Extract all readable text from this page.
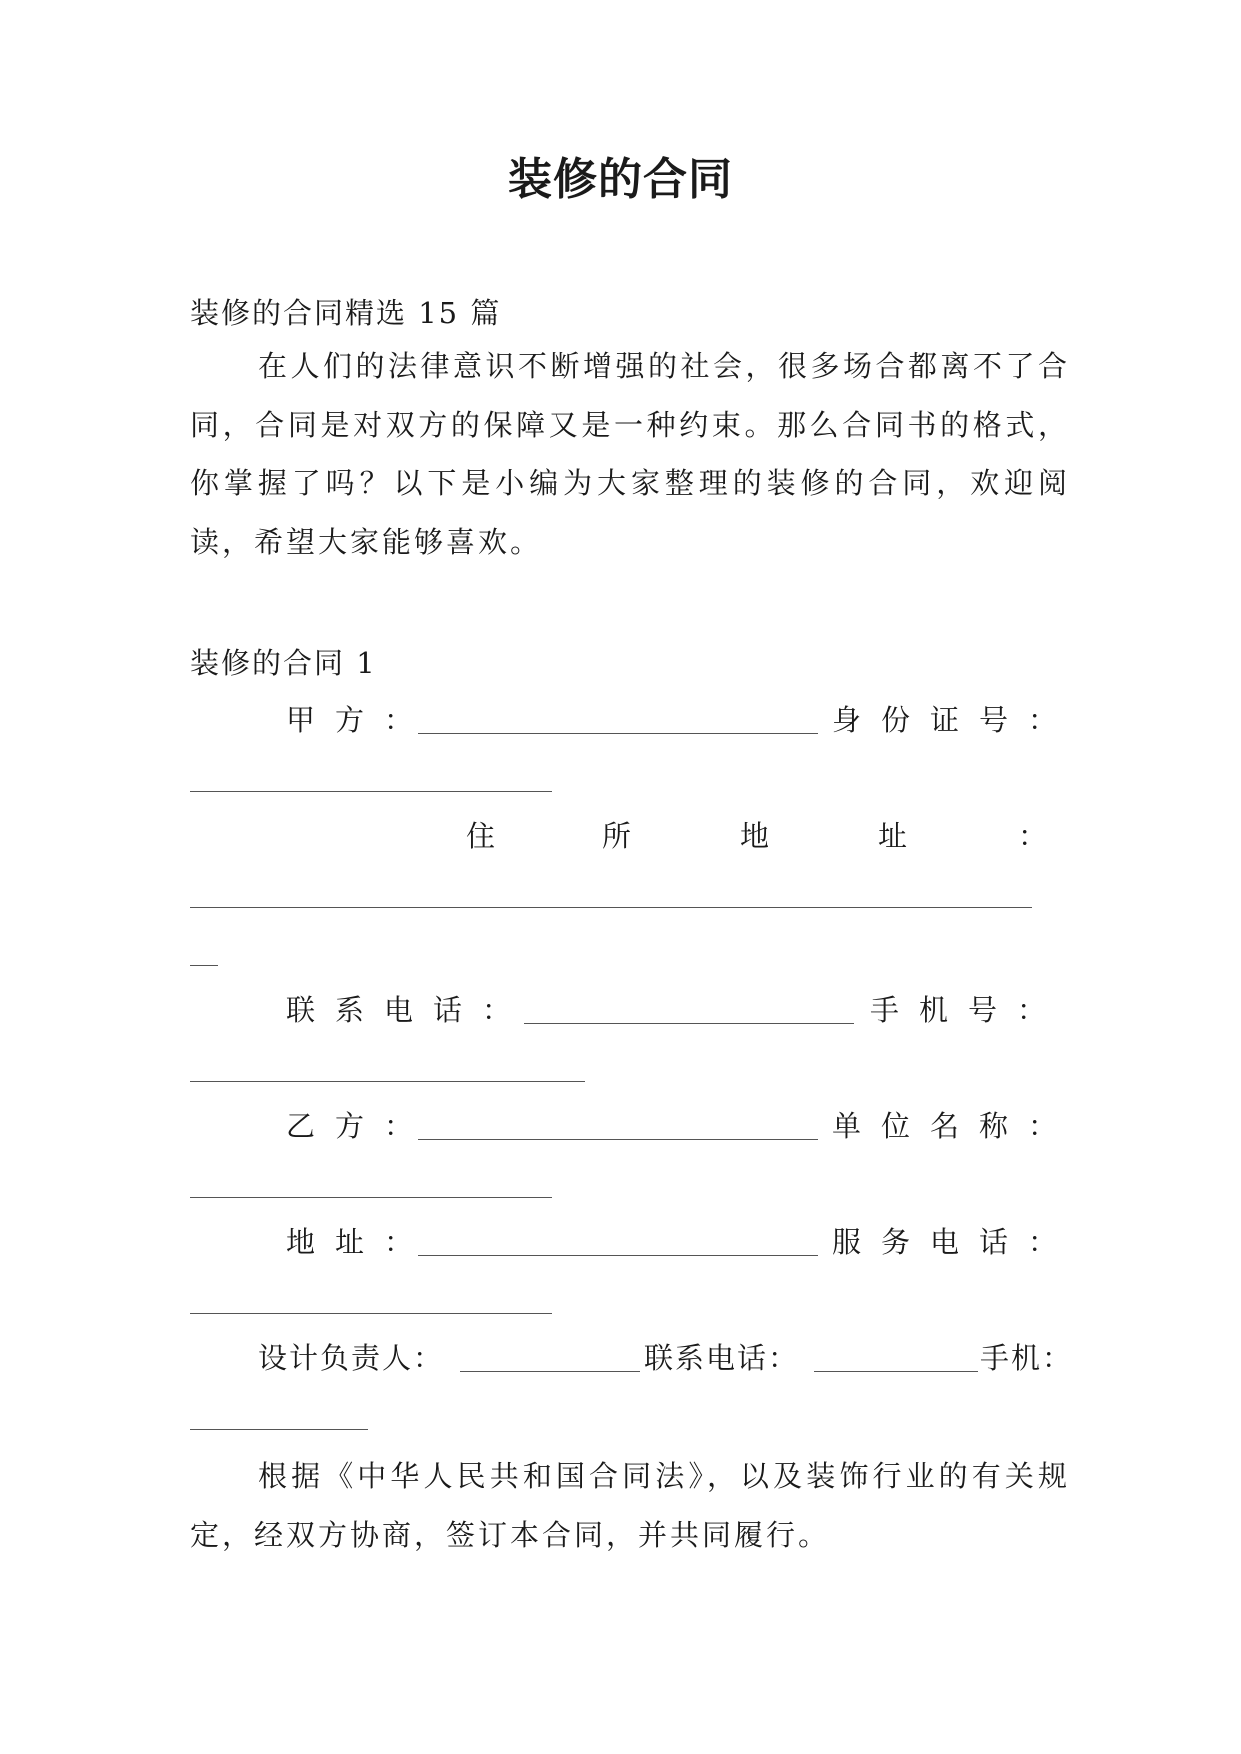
装修的合同
装修的合同精选 15 篇

在人们的法律意识不断增强的社会，很多场合都离不了合同，合同是对双方的保障又是一种约束。那么合同书的格式，你掌握了吗？以下是小编为大家整理的装修的合同，欢迎阅读，希望大家能够喜欢。

装修的合同 1
甲方：	身份证号：
住	所	地	址	：
联系电话：	手机号：
乙方：	单位名称：
地址：	服务电话：
设计负责人：	联系电话：	手机：

根据《中华人民共和国合同法》，以及装饰行业的有关规定，经双方协商，签订本合同，并共同履行。
